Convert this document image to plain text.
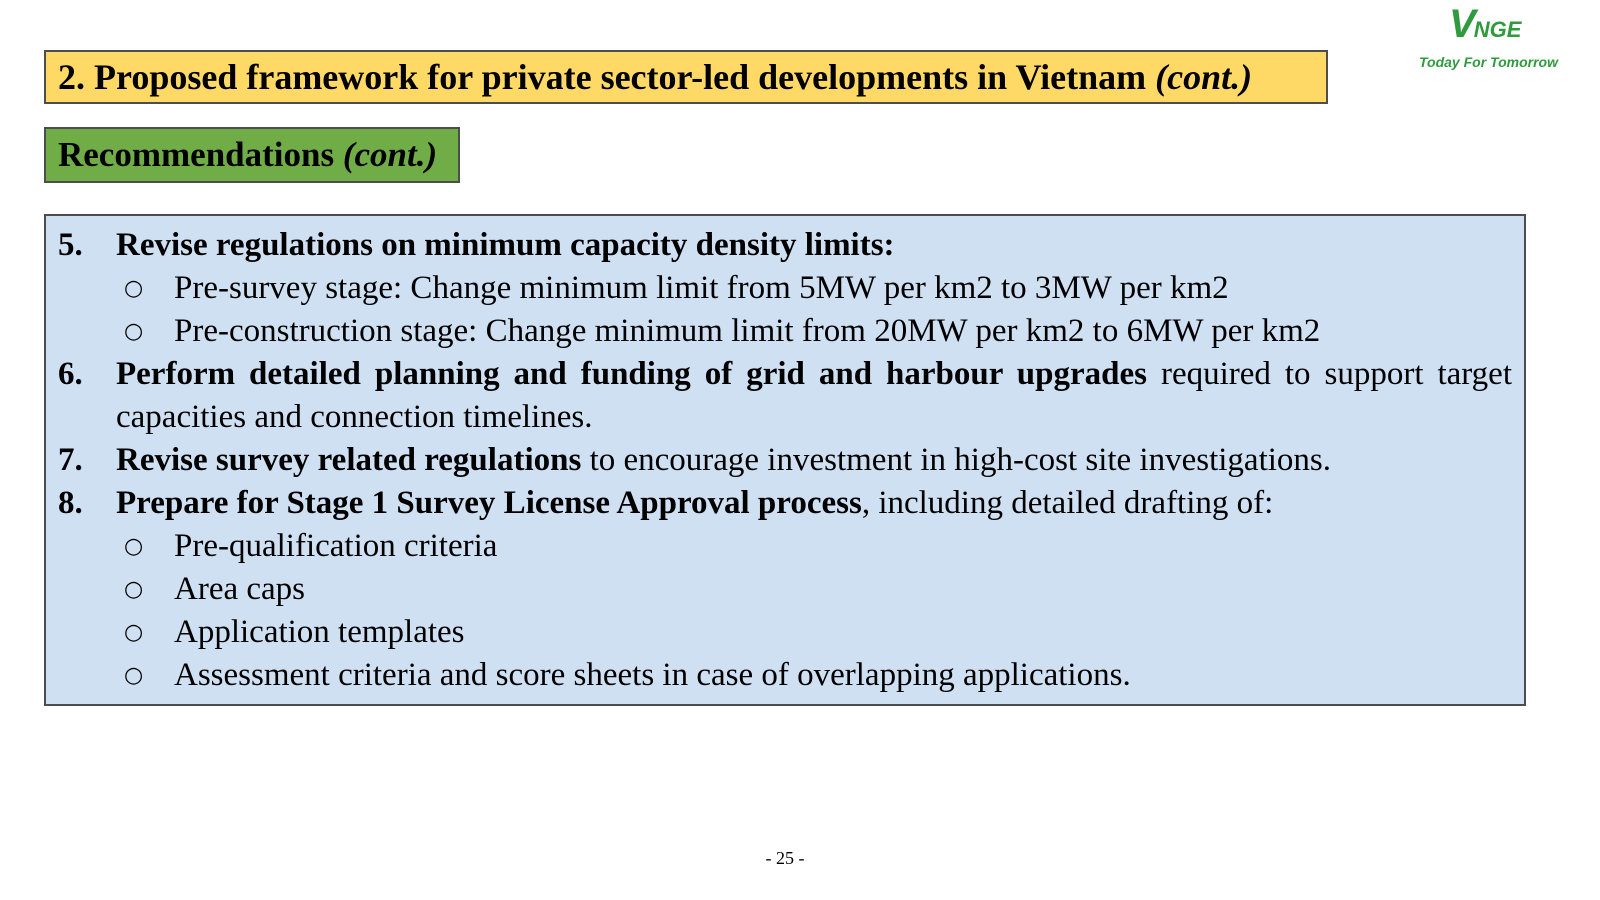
2. Proposed framework for private sector-led developments in Vietnam
(cont.)
VNGE
Today For Tomorrow
Recommendations
(cont.)
5. Revise regulations on minimum capacity density limits:
○ Pre-survey stage: Change minimum limit from 5MW per km2 to 3MW per km2
○ Pre-construction stage: Change minimum limit from 20MW per km2 to 6MW per km2
6. Perform detailed planning and funding of grid and harbour upgrades required to support target capacities and connection timelines.
7. Revise survey related regulations to encourage investment in high-cost site investigations.
8. Prepare for Stage 1 Survey License Approval process, including detailed drafting of:
○ Pre-qualification criteria
○ Area caps
○ Application templates
○ Assessment criteria and score sheets in case of overlapping applications.
- 25 -
